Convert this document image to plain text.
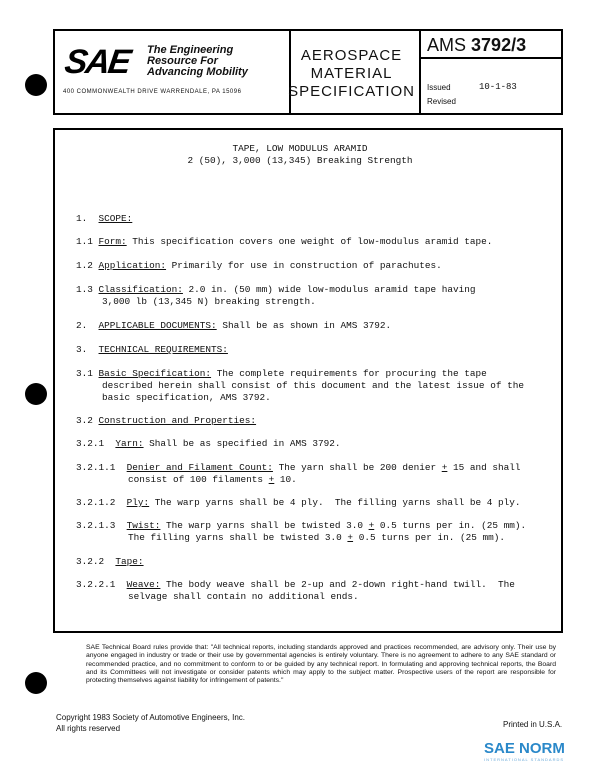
SAE The Engineering
Resource For
Advancing Mobility
400 COMMONWEALTH DRIVE WARRENDALE, PA 15096
AEROSPACE
MATERIAL
SPECIFICATION
AMS 3792/3
Issued	10-1-83
Revised
TAPE, LOW MODULUS ARAMID
2 (50), 3,000 (13,345) Breaking Strength
1. SCOPE:
1.1 Form: This specification covers one weight of low-modulus aramid tape.
1.2 Application: Primarily for use in construction of parachutes.
1.3 Classification: 2.0 in. (50 mm) wide low-modulus aramid tape having
3,000 lb (13,345 N) breaking strength.
2. APPLICABLE DOCUMENTS: Shall be as shown in AMS 3792.
3. TECHNICAL REQUIREMENTS:
3.1 Basic Specification: The complete requirements for procuring the tape
described herein shall consist of this document and the latest issue of the
basic specification, AMS 3792.
3.2 Construction and Properties:
3.2.1 Yarn: Shall be as specified in AMS 3792.
3.2.1.1 Denier and Filament Count: The yarn shall be 200 denier + 15 and shall
consist of 100 filaments + 10.
3.2.1.2 Ply: The warp yarns shall be 4 ply.  The filling yarns shall be 4 ply.
3.2.1.3 Twist: The warp yarns shall be twisted 3.0 + 0.5 turns per in. (25 mm).
The filling yarns shall be twisted 3.0 + 0.5 turns per in. (25 mm).
3.2.2 Tape:
3.2.2.1 Weave: The body weave shall be 2-up and 2-down right-hand twill.  The
selvage shall contain no additional ends.
SAE Technical Board rules provide that: "All technical reports, including standards approved and practices recommended, are advisory only. Their use by anyone engaged in industry or trade or their use by governmental agencies is entirely voluntary. There is no agreement to adhere to any SAE standard or recommended practice, and no commitment to conform to or be guided by any technical report. In formulating and approving technical reports, the Board and its Committees will not investigate or consider patents which may apply to the subject matter. Prospective users of the report are responsible for protecting themselves against liability for infringement of patents."
Copyright 1983 Society of Automotive Engineers, Inc.
All rights reserved	Printed in U.S.A.
SAE NORM
INTERNATIONAL STANDARDS
